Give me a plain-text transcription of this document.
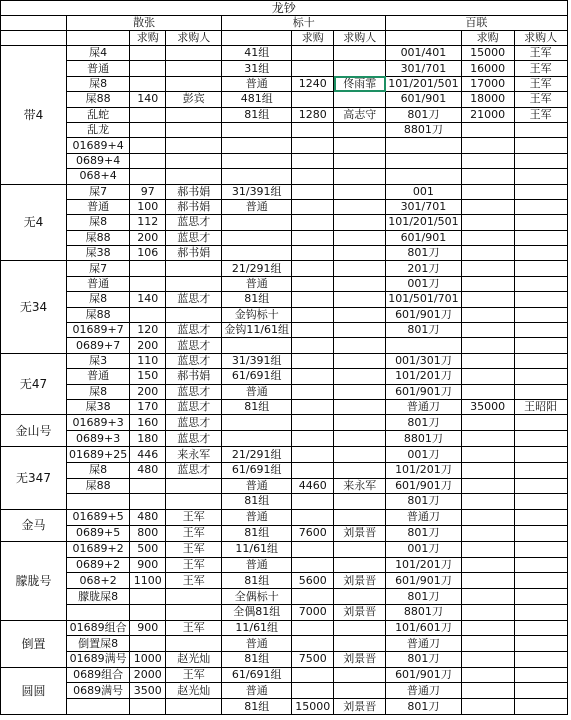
龙钞									
	散张			标十			百联		
		求购	求购人		求购	求购人		求购	求购人
带4	屎4			41组			001/401	15000	王军
	普通			31组			301/701	16000	王军
	屎8			普通	1240	佟雨霏	101/201/501	17000	王军
	屎88	140	彭宾	481组			601/901	18000	王军
	乱蛇			81组	1280	高志守	801刀	21000	王军
	乱龙						8801刀		
	01689+4								
	0689+4								
	068+4								
无4	屎7	97	郝书娟	31/391组			001		
	普通	100	郝书娟	普通			301/701		
	屎8	112	蓝思才				101/201/501		
	屎88	200	蓝思才				601/901		
	屎38	106	郝书娟				801刀		
无34	屎7			21/291组			201刀		
	普通			普通			001刀		
	屎8	140	蓝思才	81组			101/501/701		
	屎88			金钩标十			601/901刀		
	01689+7	120	蓝思才	金钩11/61组			801刀		
	0689+7	200	蓝思才						
无47	屎3	110	蓝思才	31/391组			001/301刀		
	普通	150	郝书娟	61/691组			101/201刀		
	屎8	200	蓝思才	普通			601/901刀		
	屎38	170	蓝思才	81组			普通刀	35000	王昭阳
金山号	01689+3	160	蓝思才				801刀		
	0689+3	180	蓝思才				8801刀		
无347	01689+25	446	来永军	21/291组			001刀		
	屎8	480	蓝思才	61/691组			101/201刀		
	屎88			普通	4460	来永军	601/901刀		
				81组			801刀		
金马	01689+5	480	王军	普通			普通刀		
	0689+5	800	王军	81组	7600	刘景晋	801刀		
朦胧号	01689+2	500	王军	11/61组			001刀		
	0689+2	900	王军	普通			101/201刀		
	068+2	1100	王军	81组	5600	刘景晋	601/901刀		
	朦胧屎8			全偶标十			801刀		
				全偶81组	7000	刘景晋	8801刀		
倒置	01689组合	900	王军	11/61组			101/601刀		
	倒置屎8			普通			普通刀		
	01689满号	1000	赵光灿	81组	7500	刘景晋	801刀		
圆圆	0689组合	2000	王军	61/691组			601/901刀		
	0689满号	3500	赵光灿	普通			普通刀		
				81组	15000	刘景晋	801刀		
